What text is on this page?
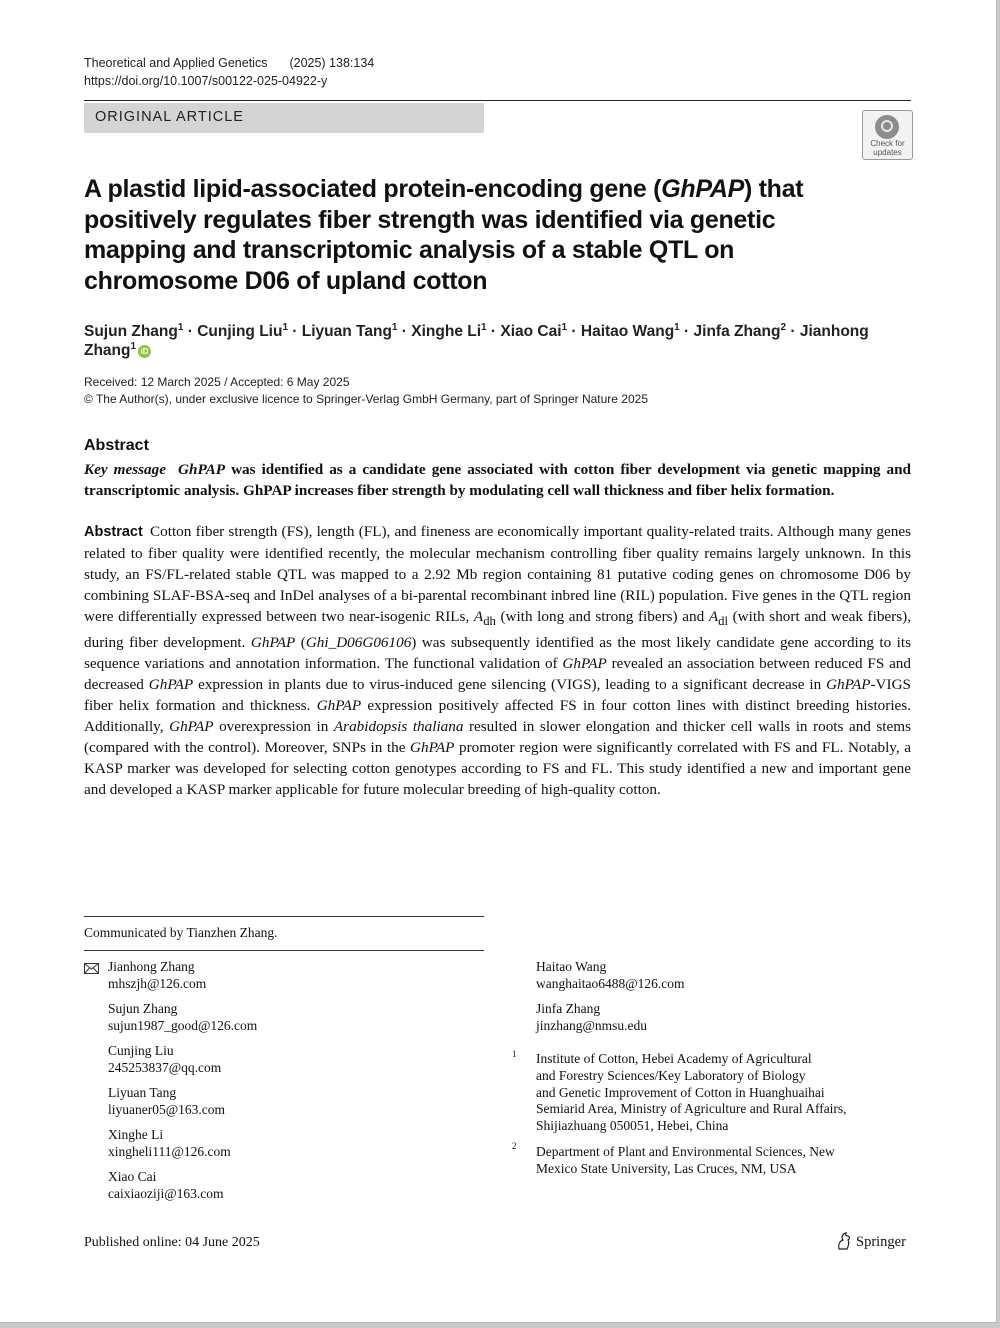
Theoretical and Applied Genetics (2025) 138:134
https://doi.org/10.1007/s00122-025-04922-y
ORIGINAL ARTICLE
Check for
updates
A plastid lipid-associated protein-encoding gene (GhPAP) that positively regulates fiber strength was identified via genetic mapping and transcriptomic analysis of a stable QTL on chromosome D06 of upland cotton
Sujun Zhang$^1$ · Cunjing Liu$^1$ · Liyuan Tang$^1$ · Xinghe $Li^1$ · Xiao Cai$^1$ · Haitao Wang$^1$ · Jinfa Zhang$^2$ · Jianhong Zhang$^1$ iD
Received: 12 March 2025 / Accepted: 6 May 2025
© The Author(s), under exclusive licence to Springer-Verlag GmbH Germany, part of Springer Nature 2025
Abstract
Key message GhPAP was identified as a candidate gene associated with cotton fiber development via genetic mapping and transcriptomic analysis. GhPAP increases fiber strength by modulating cell wall thickness and fiber helix formation.
Abstract Cotton fiber strength (FS), length (FL), and fineness are economically important quality-related traits. Although many genes related to fiber quality were identified recently, the molecular mechanism controlling fiber quality remains largely unknown. In this study, an FS/FL-related stable QTL was mapped to a 2.92 Mb region containing 81 putative coding genes on chromosome D06 by combining SLAF-BSA-seq and InDel analyses of a bi-parental recombinant inbred line (RIL) population. Five genes in the QTL region were differentially expressed between two near-isogenic RILs, $A_{dh}$ (with long and strong fibers) and $A_{dl}$ (with short and weak fibers), during fiber development. GhPAP (Ghi_D06G06106) was subsequently identified as the most likely candidate gene according to its sequence variations and annotation information. The functional validation of GhPAP revealed an association between reduced FS and decreased GhPAP expression in plants due to virus-induced gene silencing (VIGS), leading to a significant decrease in GhPAP-VIGS fiber helix formation and thickness. GhPAP expression positively affected FS in four cotton lines with distinct breeding histories. Additionally, GhPAP overexpression in Arabidopsis thaliana resulted in slower elongation and thicker cell walls in roots and stems (compared with the control). Moreover, SNPs in the GhPAP promoter region were significantly correlated with FS and FL. Notably, a KASP marker was developed for selecting cotton genotypes according to FS and FL. This study identified a new and important gene and developed a KASP marker applicable for future molecular breeding of high-quality cotton.
Communicated by Tianzhen Zhang.
Jianhong Zhang
mhszjh@126.com
Sujun Zhang
sujun1987_good@126.com
Cunjing Liu
245253837@qq.com
Liyuan Tang
liyuaner05@163.com
Xinghe Li
xingheli111@126.com
Xiao Cai
caixiaoziji@163.com
Haitao Wang
wanghaitao6488@126.com
Jinfa Zhang
jinzhang@nmsu.edu
1 Institute of Cotton, Hebei Academy of Agricultural
and Forestry Sciences/Key Laboratory of Biology
and Genetic Improvement of Cotton in Huanghuaihai
Semiarid Area, Ministry of Agriculture and Rural Affairs,
Shijiazhuang 050051, Hebei, China
2 Department of Plant and Environmental Sciences, New
Mexico State University, Las Cruces, NM, USA
Published online: 04 June 2025	Springer
